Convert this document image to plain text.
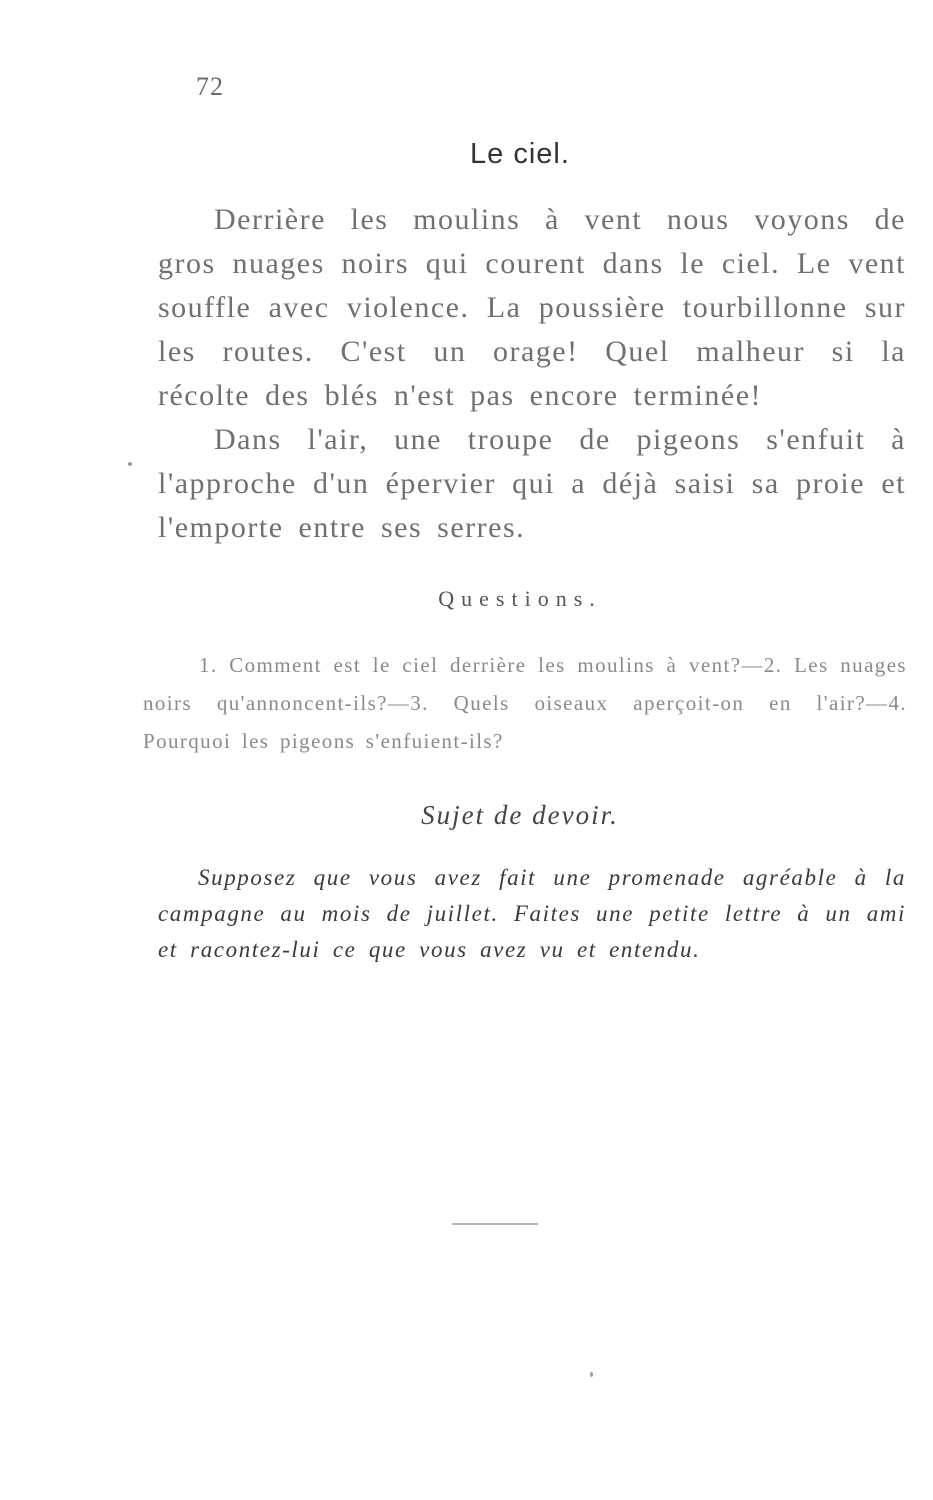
72
Le ciel.

Derrière les moulins à vent nous voyons de gros nuages noirs qui courent dans le ciel. Le vent souffle avec violence. La poussière tourbillonne sur les routes. C'est un orage! Quel malheur si la récolte des blés n'est pas encore terminée!

Dans l'air, une troupe de pigeons s'enfuit à l'approche d'un épervier qui a déjà saisi sa proie et l'emporte entre ses serres.

Questions.
1. Comment est le ciel derrière les moulins à vent?—2. Les nuages noirs qu'annoncent-ils?—3. Quels oiseaux aperçoit-on en l'air?—4. Pourquoi les pigeons s'enfuient-ils?
Sujet de devoir.
Supposez que vous avez fait une promenade agréable à la campagne au mois de juillet. Faites une petite lettre à un ami et racontez-lui ce que vous avez vu et entendu.
